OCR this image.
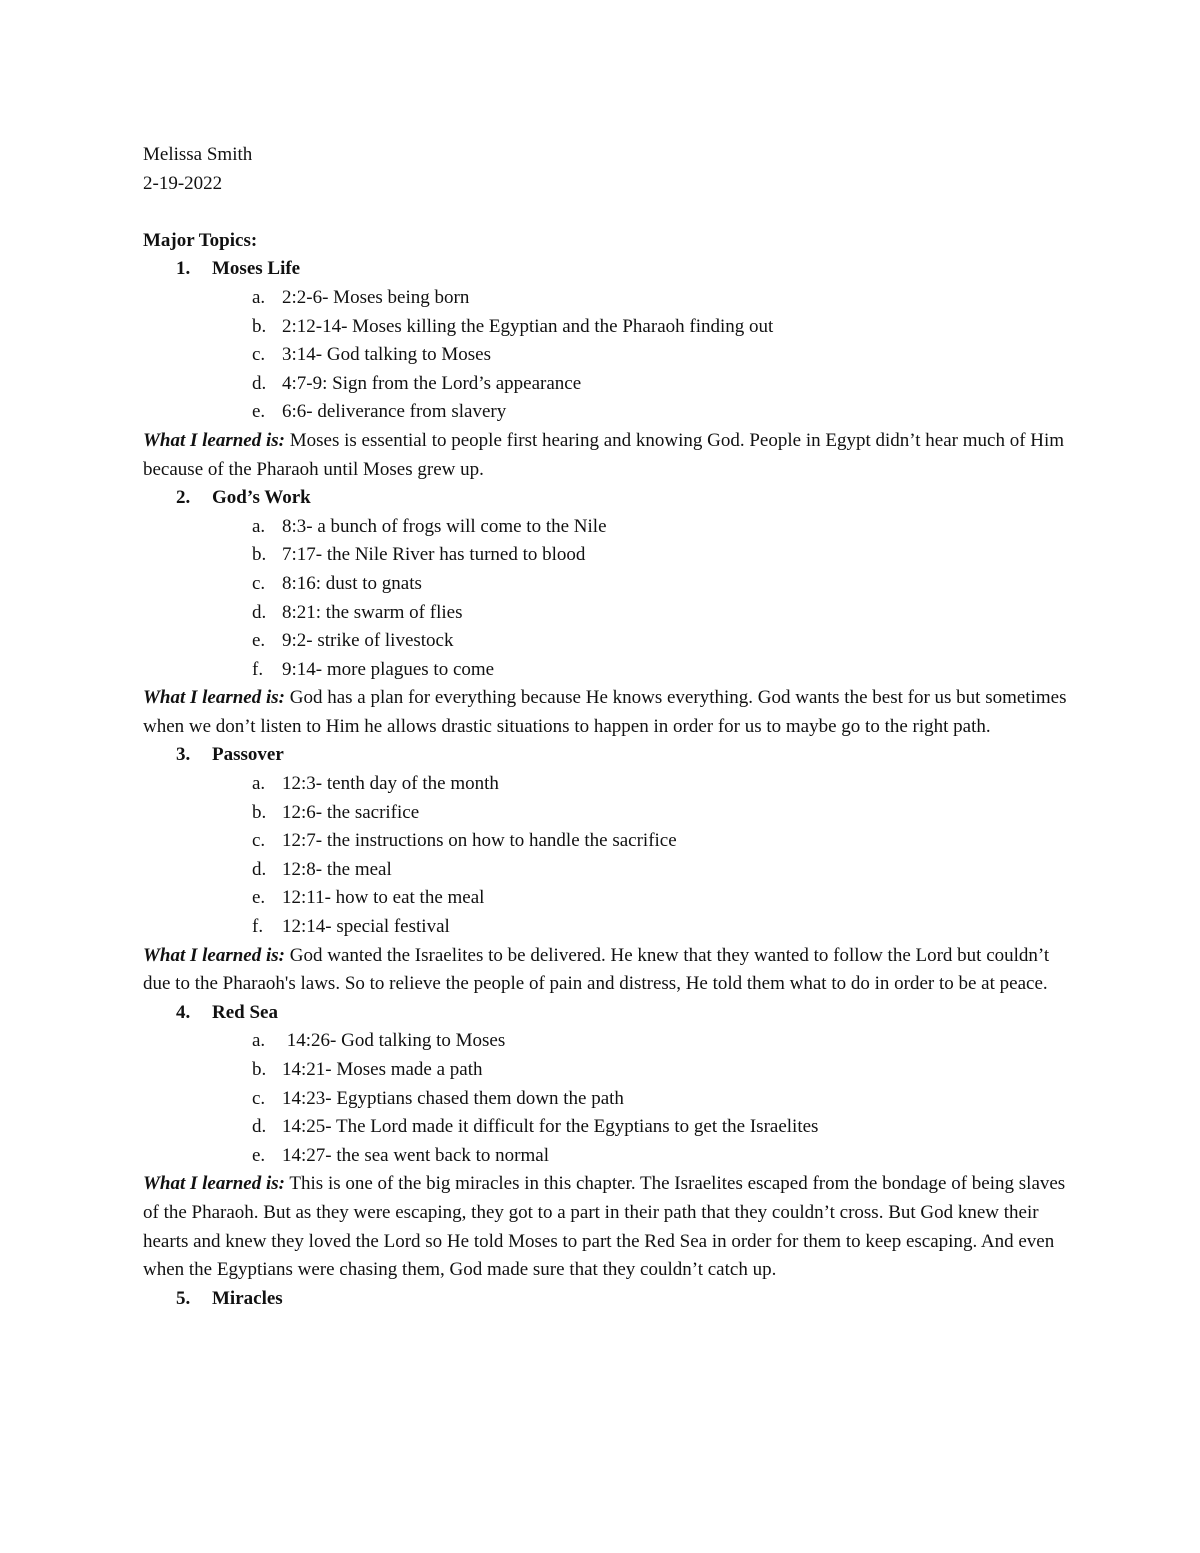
Melissa Smith
2-19-2022
Major Topics:
1. Moses Life
a. 2:2-6- Moses being born
b. 2:12-14- Moses killing the Egyptian and the Pharaoh finding out
c. 3:14- God talking to Moses
d. 4:7-9: Sign from the Lord’s appearance
e. 6:6- deliverance from slavery
What I learned is: Moses is essential to people first hearing and knowing God. People in Egypt didn’t hear much of Him because of the Pharaoh until Moses grew up.
2. God’s Work
a. 8:3- a bunch of frogs will come to the Nile
b. 7:17- the Nile River has turned to blood
c. 8:16: dust to gnats
d. 8:21: the swarm of flies
e. 9:2- strike of livestock
f. 9:14- more plagues to come
What I learned is: God has a plan for everything because He knows everything. God wants the best for us but sometimes when we don’t listen to Him he allows drastic situations to happen in order for us to maybe go to the right path.
3. Passover
a. 12:3- tenth day of the month
b. 12:6- the sacrifice
c. 12:7- the instructions on how to handle the sacrifice
d. 12:8- the meal
e. 12:11- how to eat the meal
f. 12:14- special festival
What I learned is: God wanted the Israelites to be delivered. He knew that they wanted to follow the Lord but couldn’t due to the Pharaoh's laws. So to relieve the people of pain and distress, He told them what to do in order to be at peace.
4. Red Sea
a. 14:26- God talking to Moses
b. 14:21- Moses made a path
c. 14:23- Egyptians chased them down the path
d. 14:25- The Lord made it difficult for the Egyptians to get the Israelites
e. 14:27- the sea went back to normal
What I learned is: This is one of the big miracles in this chapter. The Israelites escaped from the bondage of being slaves of the Pharaoh. But as they were escaping, they got to a part in their path that they couldn’t cross. But God knew their hearts and knew they loved the Lord so He told Moses to part the Red Sea in order for them to keep escaping. And even when the Egyptians were chasing them, God made sure that they couldn’t catch up.
5. Miracles
